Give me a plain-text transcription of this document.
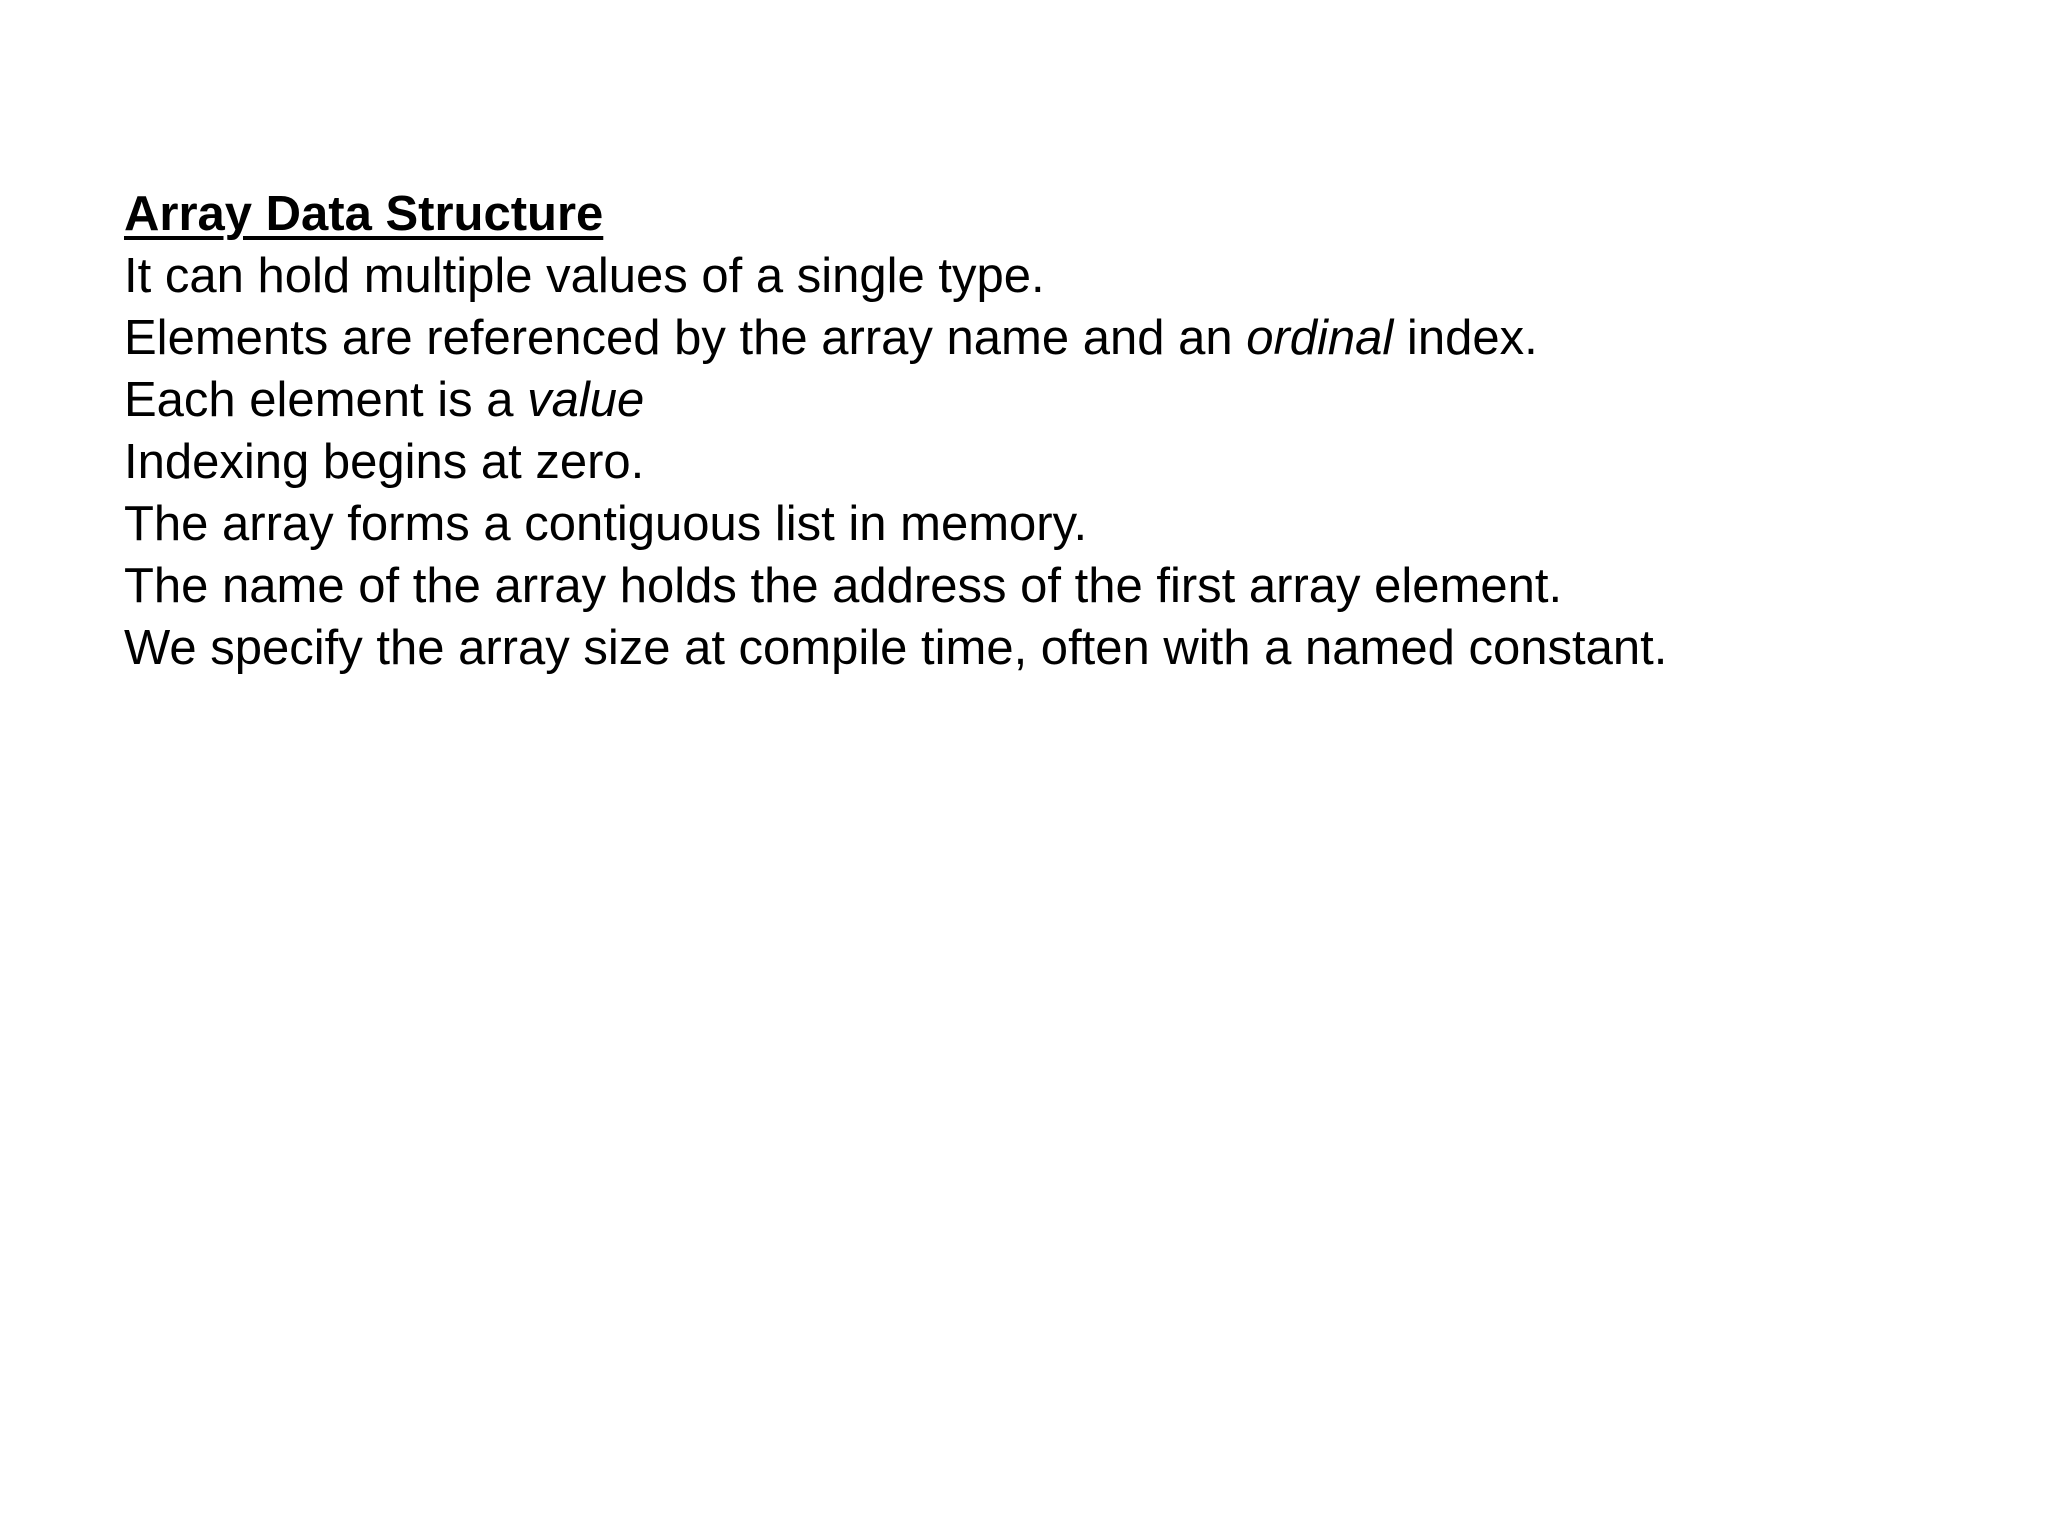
Array Data Structure

It can hold multiple values of a single type.

Elements are referenced by the array name and an ordinal index.

Each element is a value

Indexing begins at zero.

The array forms a contiguous list in memory.

The name of the array holds the address of the first array element.

We specify the array size at compile time, often with a named constant.
